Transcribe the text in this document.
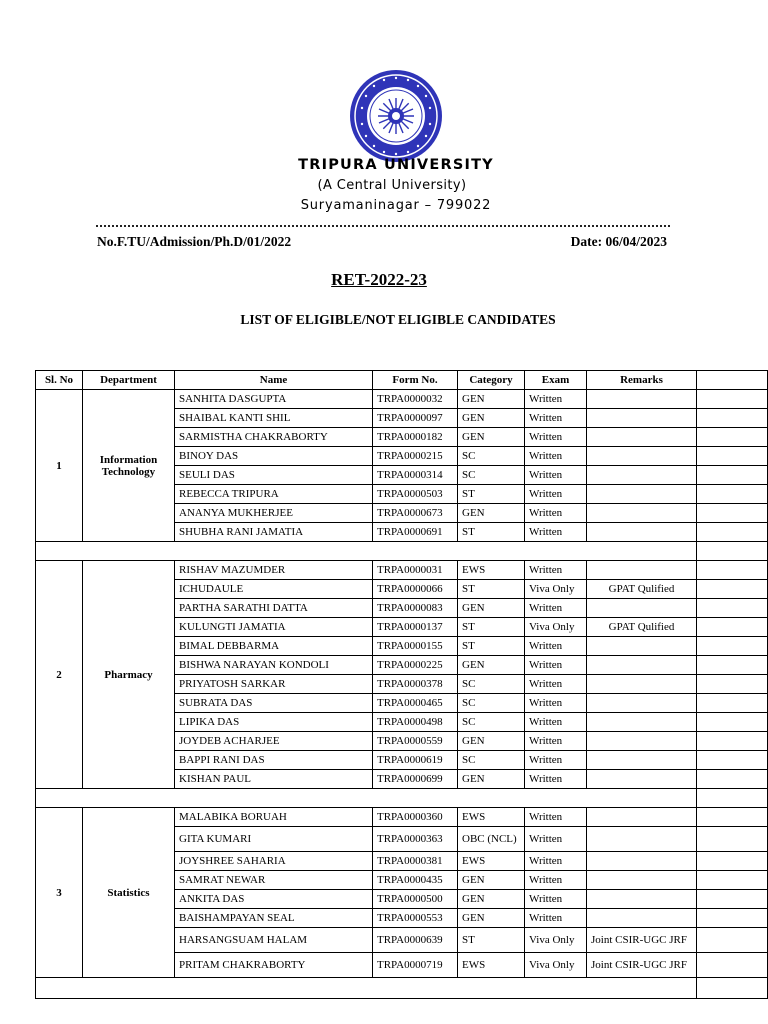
TRIPURA UNIVERSITY
(A Central University)
Suryamaninagar – 799022
No.F.TU/Admission/Ph.D/01/2022	Date: 06/04/2023
RET-2022-23
LIST OF ELIGIBLE/NOT ELIGIBLE CANDIDATES
Sl. No	Department	Name	Form No.	Category	Exam	Remarks	
1	Information Technology	SANHITA DASGUPTA	TRPA0000032	GEN	Written		
		SHAIBAL KANTI SHIL	TRPA0000097	GEN	Written		
		SARMISTHA CHAKRABORTY	TRPA0000182	GEN	Written		
		BINOY DAS	TRPA0000215	SC	Written		
		SEULI DAS	TRPA0000314	SC	Written		
		REBECCA TRIPURA	TRPA0000503	ST	Written		
		ANANYA MUKHERJEE	TRPA0000673	GEN	Written		
		SHUBHA RANI JAMATIA	TRPA0000691	ST	Written		

2	Pharmacy	RISHAV MAZUMDER	TRPA0000031	EWS	Written		
		ICHUDAULE	TRPA0000066	ST	Viva Only	GPAT Qulified	
		PARTHA SARATHI DATTA	TRPA0000083	GEN	Written		
		KULUNGTI JAMATIA	TRPA0000137	ST	Viva Only	GPAT Qulified	
		BIMAL DEBBARMA	TRPA0000155	ST	Written		
		BISHWA NARAYAN KONDOLI	TRPA0000225	GEN	Written		
		PRIYATOSH SARKAR	TRPA0000378	SC	Written		
		SUBRATA DAS	TRPA0000465	SC	Written		
		LIPIKA DAS	TRPA0000498	SC	Written		
		JOYDEB ACHARJEE	TRPA0000559	GEN	Written		
		BAPPI RANI DAS	TRPA0000619	SC	Written		
		KISHAN PAUL	TRPA0000699	GEN	Written		

3	Statistics	MALABIKA BORUAH	TRPA0000360	EWS	Written		
		GITA KUMARI	TRPA0000363	OBC (NCL)	Written		
		JOYSHREE SAHARIA	TRPA0000381	EWS	Written		
		SAMRAT NEWAR	TRPA0000435	GEN	Written		
		ANKITA DAS	TRPA0000500	GEN	Written		
		BAISHAMPAYAN SEAL	TRPA0000553	GEN	Written		
		HARSANGSUAM HALAM	TRPA0000639	ST	Viva Only	Joint CSIR-UGC JRF	
		PRITAM CHAKRABORTY	TRPA0000719	EWS	Viva Only	Joint CSIR-UGC JRF	
